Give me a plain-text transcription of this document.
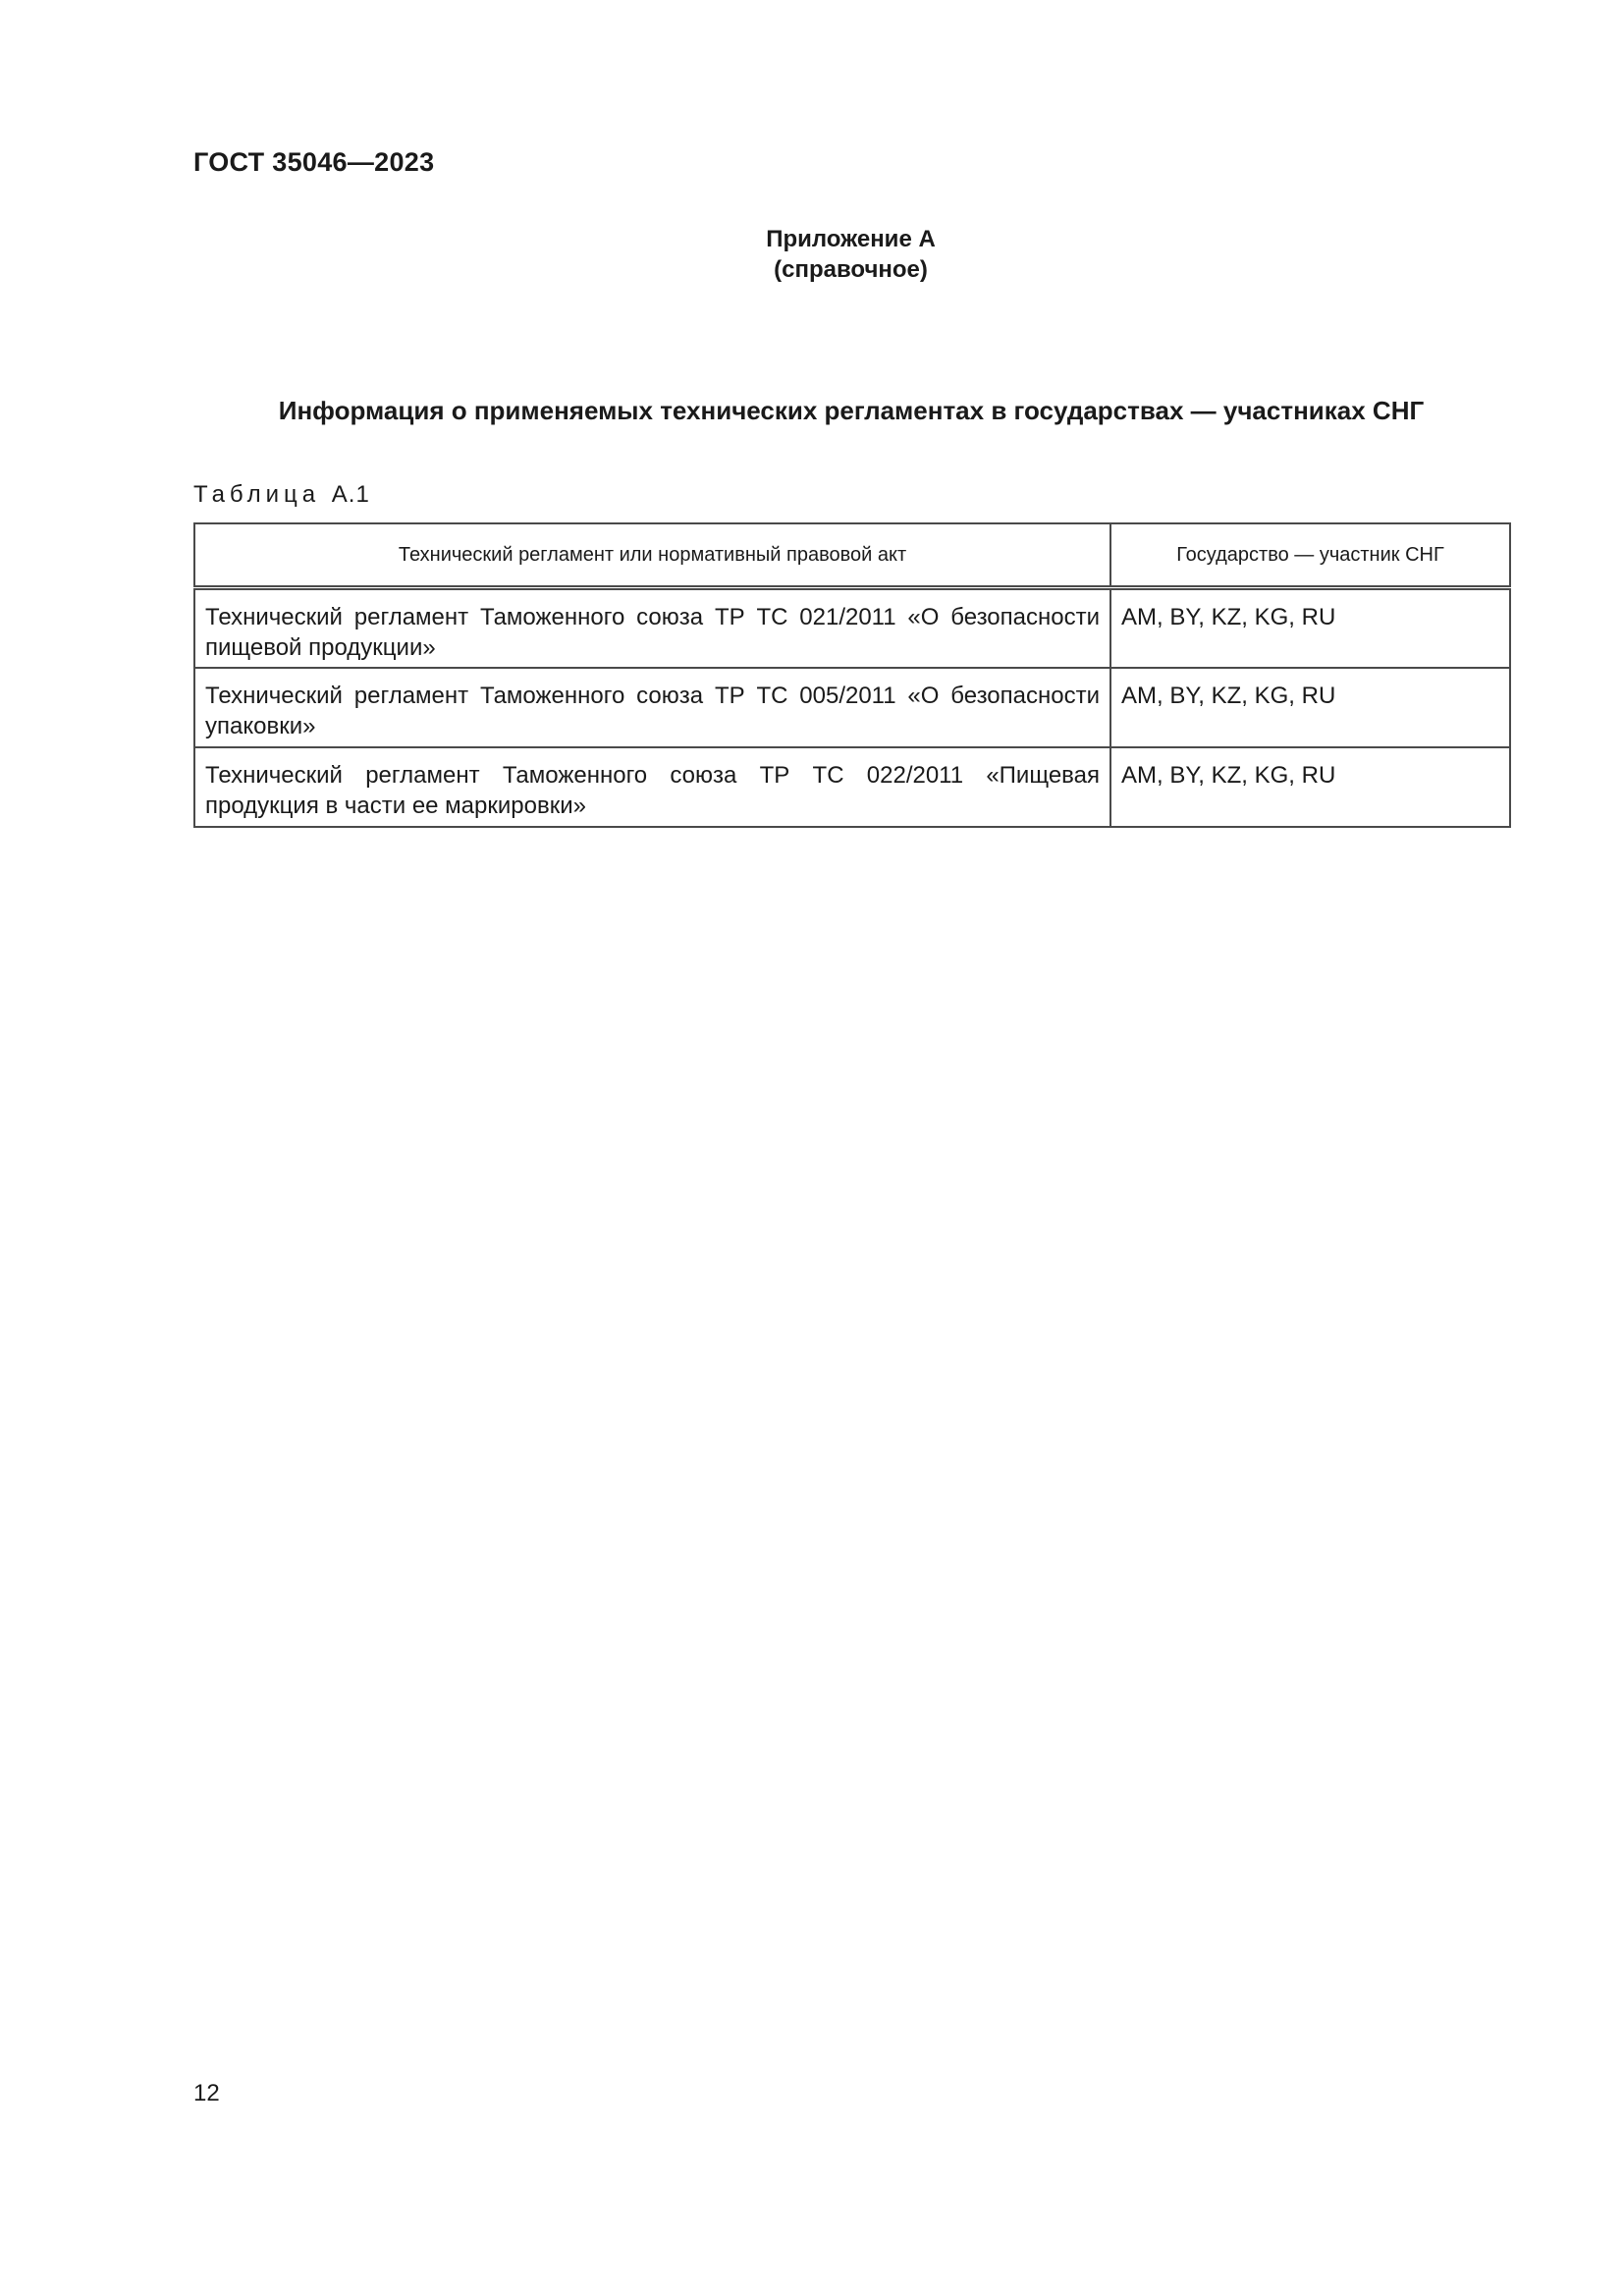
ГОСТ 35046—2023
Приложение А
(справочное)
Информация о применяемых технических регламентах в государствах — участниках СНГ
Таблица А.1
Технический регламент или нормативный правовой акт	Государство — участник СНГ
Технический регламент Таможенного союза ТР ТС 021/2011 «О безопасности пищевой продукции»	AM, BY, KZ, KG, RU
Технический регламент Таможенного союза ТР ТС 005/2011 «О безопасности упаковки»	AM, BY, KZ, KG, RU
Технический регламент Таможенного союза ТР ТС 022/2011 «Пищевая продукция в части ее маркировки»	AM, BY, KZ, KG, RU
12
